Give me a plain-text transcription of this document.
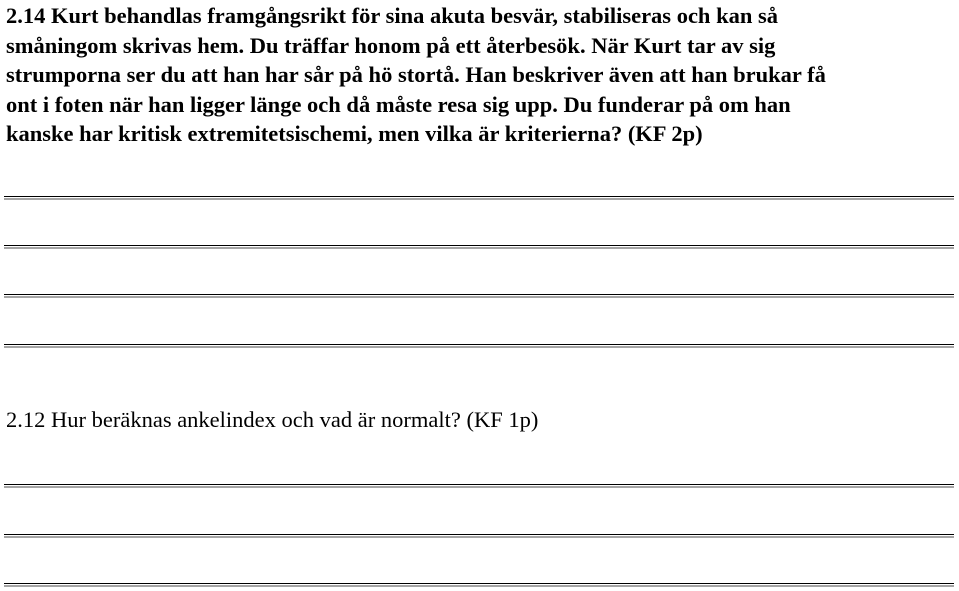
2.14 Kurt behandlas framgångsrikt för sina akuta besvär, stabiliseras och kan så
småningom skrivas hem. Du träffar honom på ett återbesök. När Kurt tar av sig
strumporna ser du att han har sår på hö stortå. Han beskriver även att han brukar få
ont i foten när han ligger länge och då måste resa sig upp. Du funderar på om han
kanske har kritisk extremitetsischemi, men vilka är kriterierna? (KF 2p)
2.12 Hur beräknas ankelindex och vad är normalt? (KF 1p)
